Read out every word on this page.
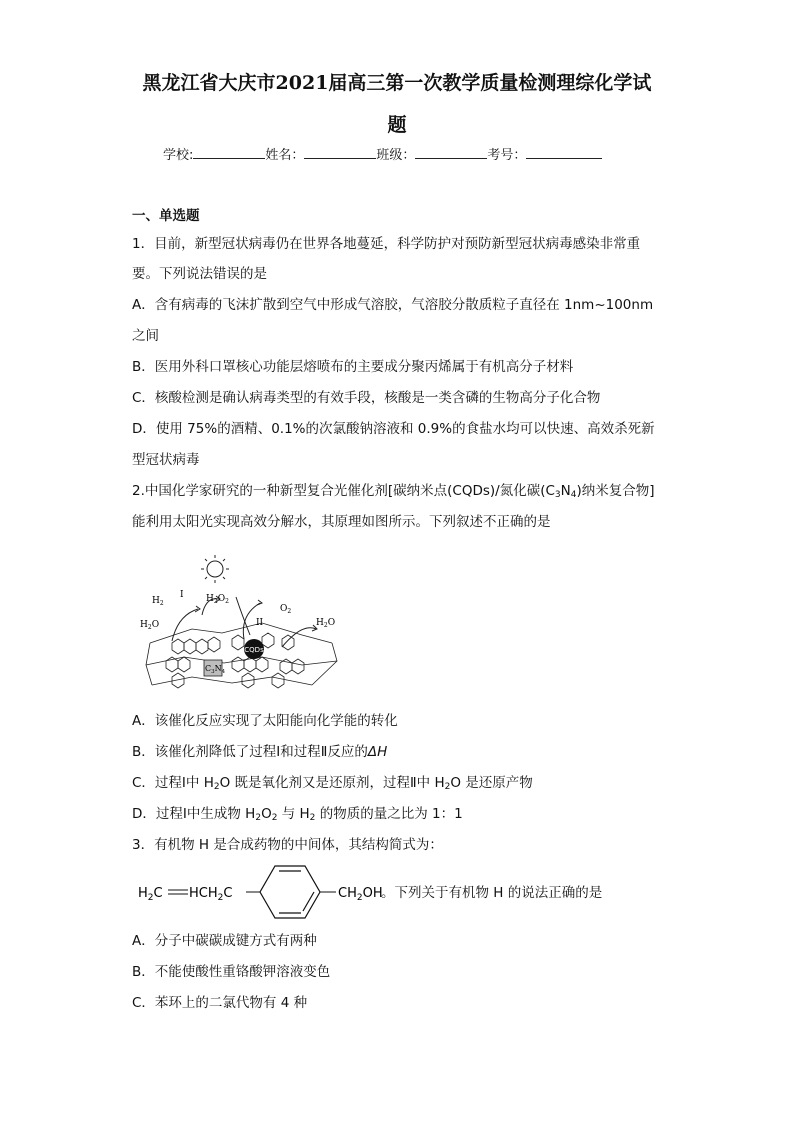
黑龙江省大庆市2021届高三第一次教学质量检测理综化学试
题
学校:	姓名：	班级：	考号：
一、单选题
1．目前，新型冠状病毒仍在世界各地蔓延，科学防护对预防新型冠状病毒感染非常重
要。下列说法错误的是
A．含有病毒的飞沫扩散到空气中形成气溶胶，气溶胶分散质粒子直径在 1nm~100nm
之间
B．医用外科口罩核心功能层熔喷布的主要成分聚丙烯属于有机高分子材料
C．核酸检测是确认病毒类型的有效手段，核酸是一类含磷的生物高分子化合物
D．使用 75%的酒精、0.1%的次氯酸钠溶液和 0.9%的食盐水均可以快速、高效杀死新
型冠状病毒
2.中国化学家研究的一种新型复合光催化剂[碳纳米点(CQDs)/氮化碳$(C_3N_4)$纳米复合物]
能利用太阳光实现高效分解水，其原理如图所示。下列叙述不正确的是
CQDs
$C_3N_4$
$H_2$
I $H_2O_2$
$O_2$
II
$H_2O$	$H_2O$
A．该催化反应实现了太阳能向化学能的转化
B．该催化剂降低了过程Ⅰ和过程Ⅱ反应的ΔH
C．过程Ⅰ中 $H_2O$ 既是氧化剂又是还原剂，过程Ⅱ中 $H_2O$ 是还原产物
D．过程Ⅰ中生成物 $H_2O_2$ 与 $H_2$ 的物质的量之比为 1：1
3．有机物 H 是合成药物的中间体，其结构简式为：
$H_2C$ $HCH_2C$	$CH_2OH$
。下列关于有机物 H 的说法正确的是
A．分子中碳碳成键方式有两种
B．不能使酸性重铬酸钾溶液变色
C．苯环上的二氯代物有 4 种
